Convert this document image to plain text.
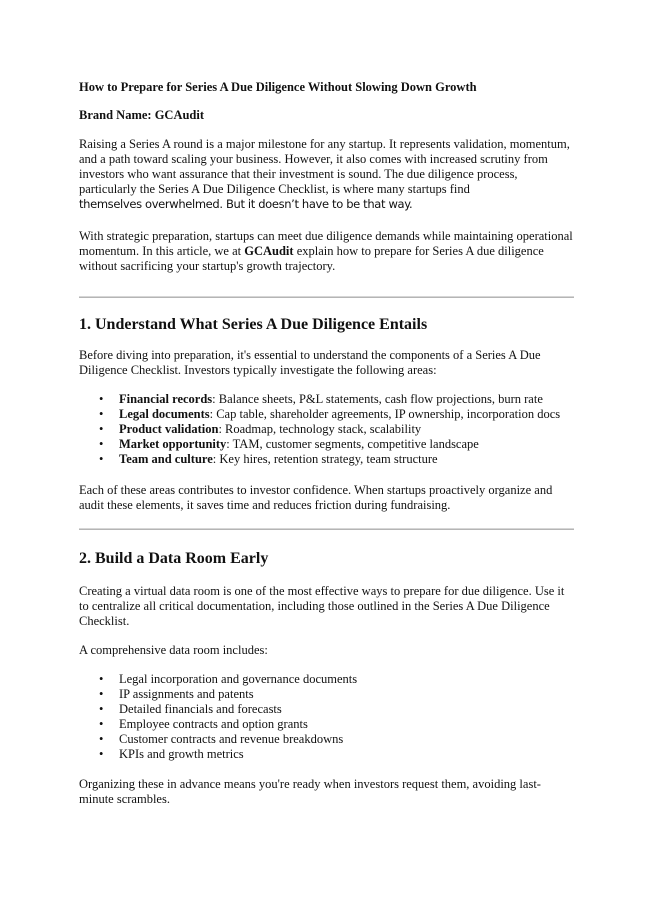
How to Prepare for Series A Due Diligence Without Slowing Down Growth

Brand Name: GCAudit

Raising a Series A round is a major milestone for any startup. It represents validation, momentum, and a path toward scaling your business. However, it also comes with increased scrutiny from investors who want assurance that their investment is sound. The due diligence process, particularly the Series A Due Diligence Checklist, is where many startups find
themselves overwhelmed. But it doesn’t have to be that way.

With strategic preparation, startups can meet due diligence demands while maintaining operational momentum. In this article, we at GCAudit explain how to prepare for Series A due diligence without sacrificing your startup's growth trajectory.

1. Understand What Series A Due Diligence Entails

Before diving into preparation, it's essential to understand the components of a Series A Due Diligence Checklist. Investors typically investigate the following areas:

• Financial records: Balance sheets, P&L statements, cash flow projections, burn rate
• Legal documents: Cap table, shareholder agreements, IP ownership, incorporation docs
• Product validation: Roadmap, technology stack, scalability
• Market opportunity: TAM, customer segments, competitive landscape
• Team and culture: Key hires, retention strategy, team structure

Each of these areas contributes to investor confidence. When startups proactively organize and audit these elements, it saves time and reduces friction during fundraising.

2. Build a Data Room Early

Creating a virtual data room is one of the most effective ways to prepare for due diligence. Use it to centralize all critical documentation, including those outlined in the Series A Due Diligence Checklist.

A comprehensive data room includes:

• Legal incorporation and governance documents
• IP assignments and patents
• Detailed financials and forecasts
• Employee contracts and option grants
• Customer contracts and revenue breakdowns
• KPIs and growth metrics

Organizing these in advance means you're ready when investors request them, avoiding last-minute scrambles.
